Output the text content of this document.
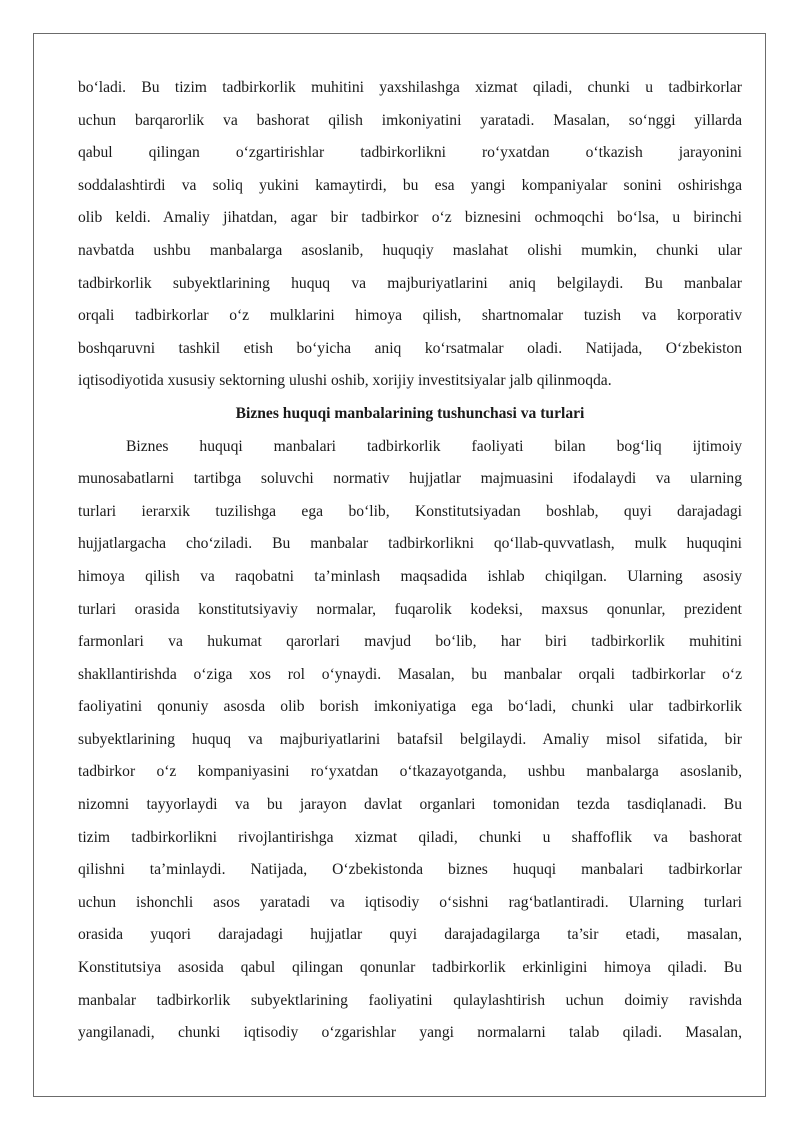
bo‘ladi. Bu tizim tadbirkorlik muhitini yaxshilashga xizmat qiladi, chunki u tadbirkorlar
uchun barqarorlik va bashorat qilish imkoniyatini yaratadi. Masalan, so‘nggi yillarda
qabul qilingan o‘zgartirishlar tadbirkorlikni ro‘yxatdan o‘tkazish jarayonini
soddalashtirdi va soliq yukini kamaytirdi, bu esa yangi kompaniyalar sonini oshirishga
olib keldi. Amaliy jihatdan, agar bir tadbirkor o‘z biznesini ochmoqchi bo‘lsa, u birinchi
navbatda ushbu manbalarga asoslanib, huquqiy maslahat olishi mumkin, chunki ular
tadbirkorlik subyektlarining huquq va majburiyatlarini aniq belgilaydi. Bu manbalar
orqali tadbirkorlar o‘z mulklarini himoya qilish, shartnomalar tuzish va korporativ
boshqaruvni tashkil etish bo‘yicha aniq ko‘rsatmalar oladi. Natijada, O‘zbekiston
iqtisodiyotida xususiy sektorning ulushi oshib, xorijiy investitsiyalar jalb qilinmoqda.
Biznes huquqi manbalarining tushunchasi va turlari
Biznes huquqi manbalari tadbirkorlik faoliyati bilan bog‘liq ijtimoiy
munosabatlarni tartibga soluvchi normativ hujjatlar majmuasini ifodalaydi va ularning
turlari ierarxik tuzilishga ega bo‘lib, Konstitutsiyadan boshlab, quyi darajadagi
hujjatlargacha cho‘ziladi. Bu manbalar tadbirkorlikni qo‘llab-quvvatlash, mulk huquqini
himoya qilish va raqobatni ta’minlash maqsadida ishlab chiqilgan. Ularning asosiy
turlari orasida konstitutsiyaviy normalar, fuqarolik kodeksi, maxsus qonunlar, prezident
farmonlari va hukumat qarorlari mavjud bo‘lib, har biri tadbirkorlik muhitini
shakllantirishda o‘ziga xos rol o‘ynaydi. Masalan, bu manbalar orqali tadbirkorlar o‘z
faoliyatini qonuniy asosda olib borish imkoniyatiga ega bo‘ladi, chunki ular tadbirkorlik
subyektlarining huquq va majburiyatlarini batafsil belgilaydi. Amaliy misol sifatida, bir
tadbirkor o‘z kompaniyasini ro‘yxatdan o‘tkazayotganda, ushbu manbalarga asoslanib,
nizomni tayyorlaydi va bu jarayon davlat organlari tomonidan tezda tasdiqlanadi. Bu
tizim tadbirkorlikni rivojlantirishga xizmat qiladi, chunki u shaffoflik va bashorat
qilishni ta’minlaydi. Natijada, O‘zbekistonda biznes huquqi manbalari tadbirkorlar
uchun ishonchli asos yaratadi va iqtisodiy o‘sishni rag‘batlantiradi. Ularning turlari
orasida yuqori darajadagi hujjatlar quyi darajadagilarga ta’sir etadi, masalan,
Konstitutsiya asosida qabul qilingan qonunlar tadbirkorlik erkinligini himoya qiladi. Bu
manbalar tadbirkorlik subyektlarining faoliyatini qulaylashtirish uchun doimiy ravishda
yangilanadi, chunki iqtisodiy o‘zgarishlar yangi normalarni talab qiladi. Masalan,
